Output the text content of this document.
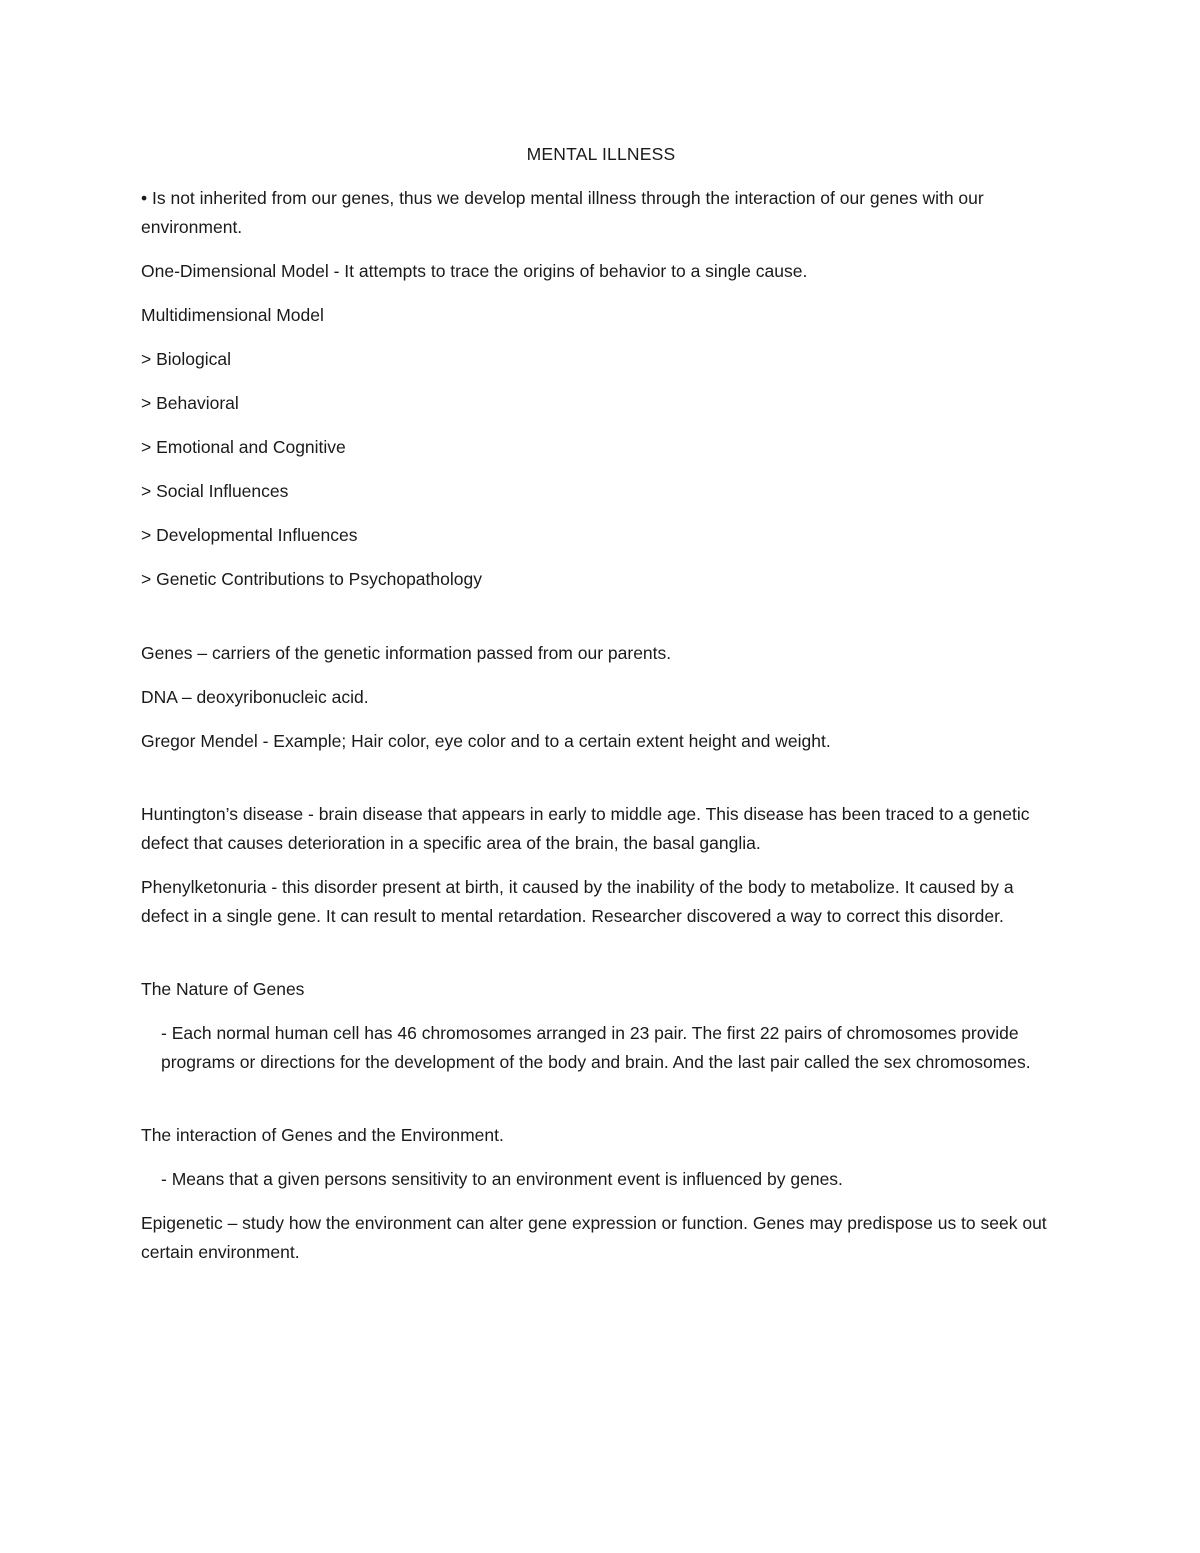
MENTAL ILLNESS

• Is not inherited from our genes, thus we develop mental illness through the interaction of our genes with our environment.

One-Dimensional Model - It attempts to trace the origins of behavior to a single cause.

Multidimensional Model

> Biological

> Behavioral

> Emotional and Cognitive

> Social Influences

> Developmental Influences

> Genetic Contributions to Psychopathology

Genes – carriers of the genetic information passed from our parents.

DNA – deoxyribonucleic acid.

Gregor Mendel - Example; Hair color, eye color and to a certain extent height and weight.

Huntington’s disease - brain disease that appears in early to middle age. This disease has been traced to a genetic defect that causes deterioration in a specific area of the brain, the basal ganglia.

Phenylketonuria - this disorder present at birth, it caused by the inability of the body to metabolize. It caused by a defect in a single gene. It can result to mental retardation. Researcher discovered a way to correct this disorder.

The Nature of Genes

- Each normal human cell has 46 chromosomes arranged in 23 pair. The first 22 pairs of chromosomes provide programs or directions for the development of the body and brain. And the last pair called the sex chromosomes.

The interaction of Genes and the Environment.

- Means that a given persons sensitivity to an environment event is influenced by genes.

Epigenetic – study how the environment can alter gene expression or function. Genes may predispose us to seek out certain environment.
